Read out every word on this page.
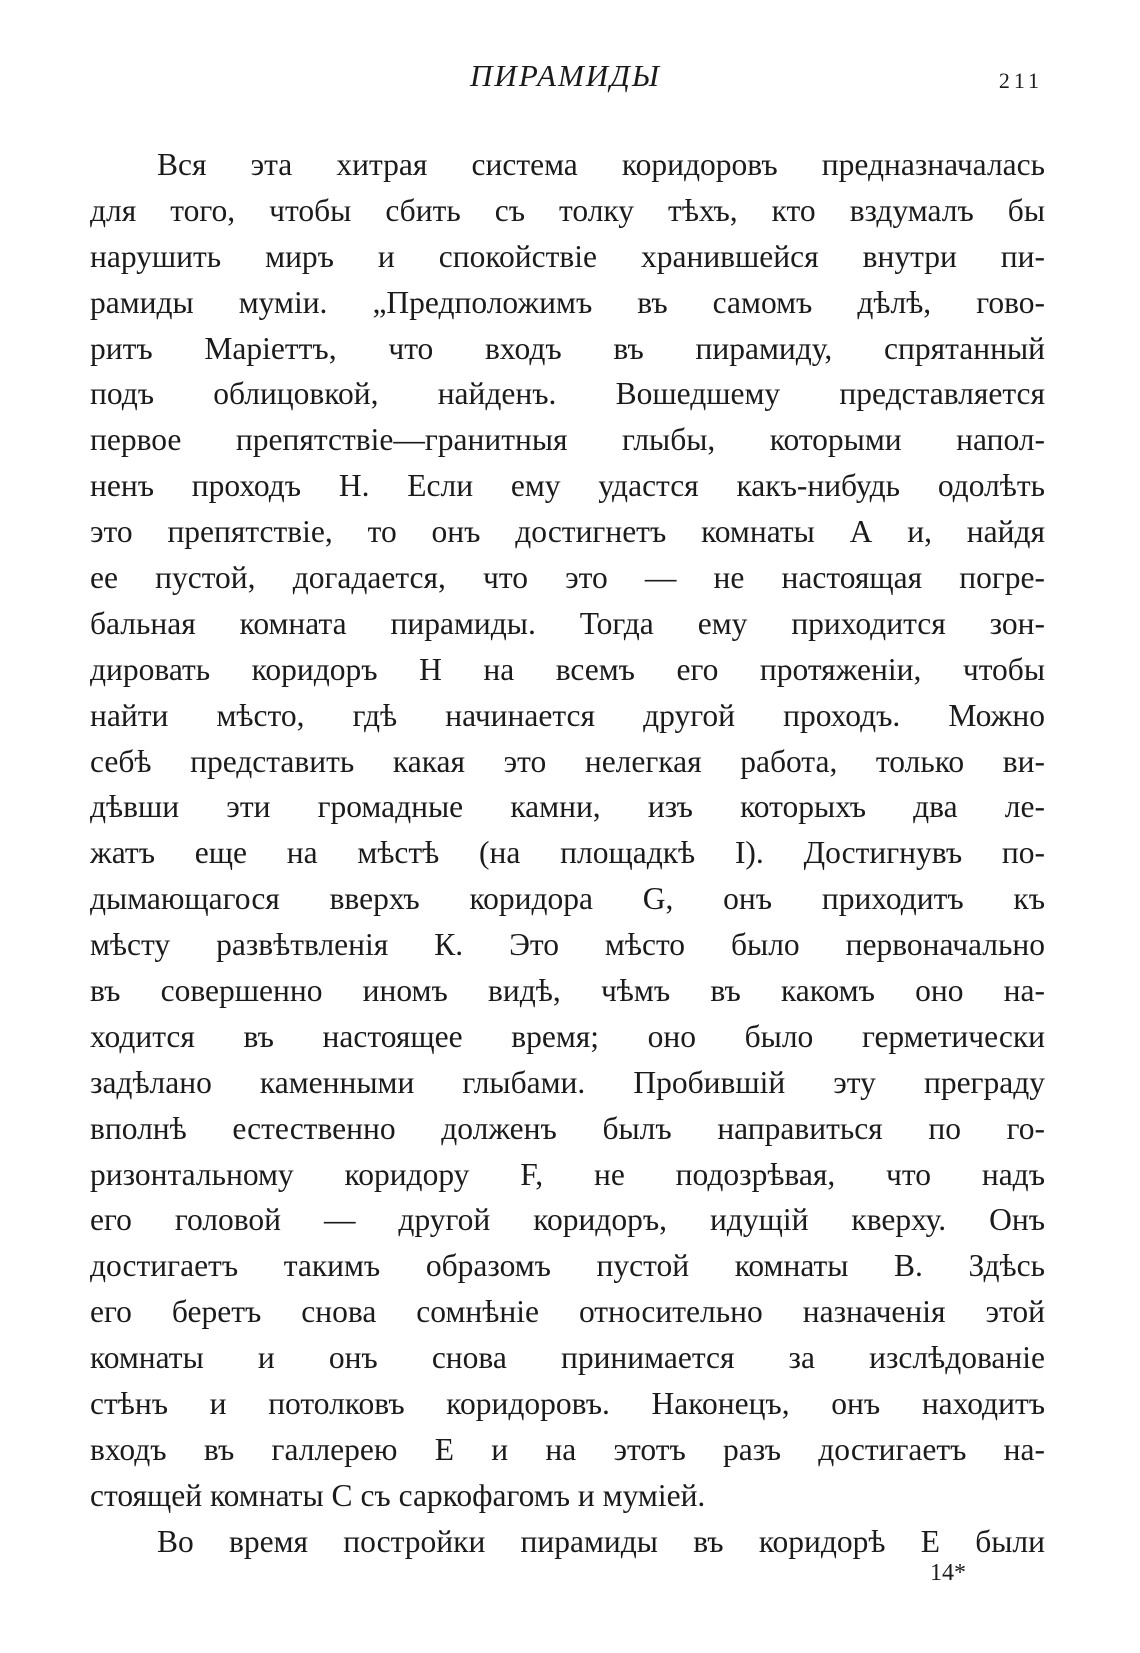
ПИРАМИДЫ	211
Вся эта хитрая система коридоровъ предназначалась
для того, чтобы сбить съ толку тѣхъ, кто вздумалъ бы
нарушить миръ и спокойствіе хранившейся внутри пи-
рамиды муміи. „Предположимъ въ самомъ дѣлѣ, гово-
ритъ Маріеттъ, что входъ въ пирамиду, спрятанный
подъ облицовкой, найденъ. Вошедшему представляется
первое препятствіе—гранитныя глыбы, которыми напол-
ненъ проходъ Н. Если ему удастся какъ-нибудь одолѣть
это препятствіе, то онъ достигнетъ комнаты А и, найдя
ее пустой, догадается, что это — не настоящая погре-
бальная комната пирамиды. Тогда ему приходится зон-
дировать коридоръ Н на всемъ его протяженіи, чтобы
найти мѣсто, гдѣ начинается другой проходъ. Можно
себѣ представить какая это нелегкая работа, только ви-
дѣвши эти громадные камни, изъ которыхъ два ле-
жатъ еще на мѣстѣ (на площадкѣ I). Достигнувъ по-
дымающагося вверхъ коридора G, онъ приходитъ къ
мѣсту развѣтвленія К. Это мѣсто было первоначально
въ совершенно иномъ видѣ, чѣмъ въ какомъ оно на-
ходится въ настоящее время; оно было герметически
задѣлано каменными глыбами. Пробившій эту преграду
вполнѣ естественно долженъ былъ направиться по го-
ризонтальному коридору F, не подозрѣвая, что надъ
его головой — другой коридоръ, идущій кверху. Онъ
достигаетъ такимъ образомъ пустой комнаты В. Здѣсь
его беретъ снова сомнѣніе относительно назначенія этой
комнаты и онъ снова принимается за изслѣдованіе
стѣнъ и потолковъ коридоровъ. Наконецъ, онъ находитъ
входъ въ галлерею Е и на этотъ разъ достигаетъ на-
стоящей комнаты С съ саркофагомъ и муміей.
Во время постройки пирамиды въ коридорѣ Е были
14*
